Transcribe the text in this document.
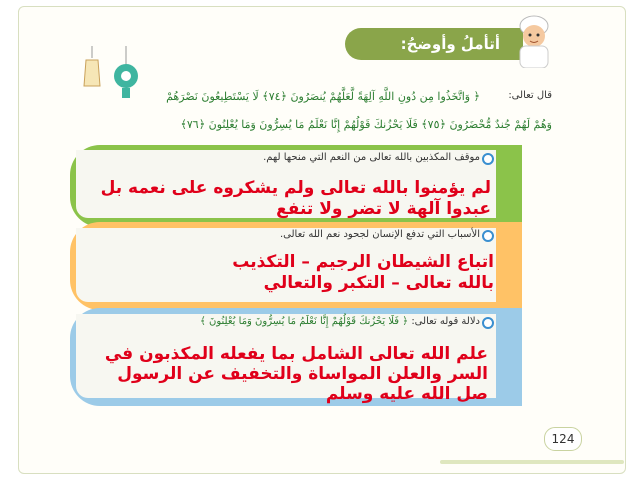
أتأملُ وأوضحُ:
قال تعالى:
﴿ وَاتَّخَذُوا مِن دُونِ اللَّهِ آلِهَةً لَّعَلَّهُمْ يُنصَرُونَ ﴿٧٤﴾ لَا يَسْتَطِيعُونَ نَصْرَهُمْ
وَهُمْ لَهُمْ جُندٌ مُّحْضَرُونَ ﴿٧٥﴾ فَلَا يَحْزُنكَ قَوْلُهُمْ إِنَّا نَعْلَمُ مَا يُسِرُّونَ وَمَا يُعْلِنُونَ ﴿٧٦﴾
موقف المكذبين بالله تعالى من النعم التي منحها لهم.
لم يؤمنوا بالله تعالى ولم يشكروه على نعمه بل عبدوا آلهة لا تضر ولا تنفع
الأسباب التي تدفع الإنسان لجحود نعم الله تعالى.
اتباع الشيطان الرجيم – التكذيب بالله تعالى – التكبر والتعالي
دلالة قوله تعالى: ﴿ فَلَا يَحْزُنكَ قَوْلُهُمْ إِنَّا نَعْلَمُ مَا يُسِرُّونَ وَمَا يُعْلِنُونَ ﴾
علم الله تعالى الشامل بما يفعله المكذبون في السر والعلن المواساة والتخفيف عن الرسول صل الله عليه وسلم
124
